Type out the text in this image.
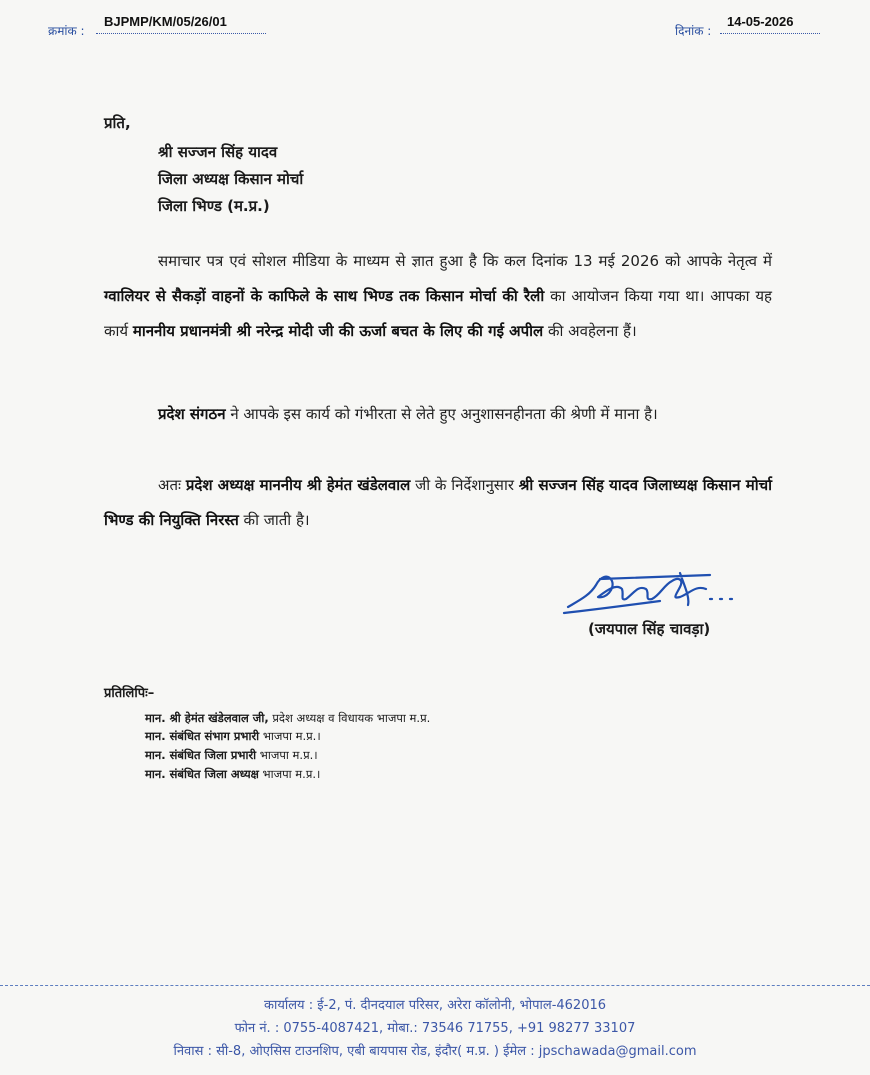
क्रमांक :
BJPMP/KM/05/26/01
दिनांक :
14-05-2026
प्रति,
श्री सज्जन सिंह यादव
जिला अध्यक्ष किसान मोर्चा
जिला भिण्ड (म.प्र.)
समाचार पत्र एवं सोशल मीडिया के माध्यम से ज्ञात हुआ है कि कल दिनांक 13 मई 2026 को आपके नेतृत्व में ग्वालियर से सैकड़ों वाहनों के काफिले के साथ भिण्ड तक किसान मोर्चा की रैली का आयोजन किया गया था। आपका यह कार्य माननीय प्रधानमंत्री श्री नरेन्द्र मोदी जी की ऊर्जा बचत के लिए की गई अपील की अवहेलना हैं।
प्रदेश संगठन ने आपके इस कार्य को गंभीरता से लेते हुए अनुशासनहीनता की श्रेणी में माना है।
अतः प्रदेश अध्यक्ष माननीय श्री हेमंत खंडेलवाल जी के निर्देशानुसार श्री सज्जन सिंह यादव जिलाध्यक्ष किसान मोर्चा भिण्ड की नियुक्ति निरस्त की जाती है।
(जयपाल सिंह चावड़ा)
प्रतिलिपिः–
मान. श्री हेमंत खंडेलवाल जी, प्रदेश अध्यक्ष व विधायक भाजपा म.प्र.
मान. संबंधित संभाग प्रभारी भाजपा म.प्र.।
मान. संबंधित जिला प्रभारी भाजपा म.प्र.।
मान. संबंधित जिला अध्यक्ष भाजपा म.प्र.।
कार्यालय : ई-2, पं. दीनदयाल परिसर, अरेरा कॉलोनी, भोपाल-462016
फोन नं. : 0755-4087421, मोबा.: 73546 71755, +91 98277 33107
निवास : सी-8, ओएसिस टाउनशिप, एबी बायपास रोड, इंदौर( म.प्र. ) ईमेल : jpschawada@gmail.com
